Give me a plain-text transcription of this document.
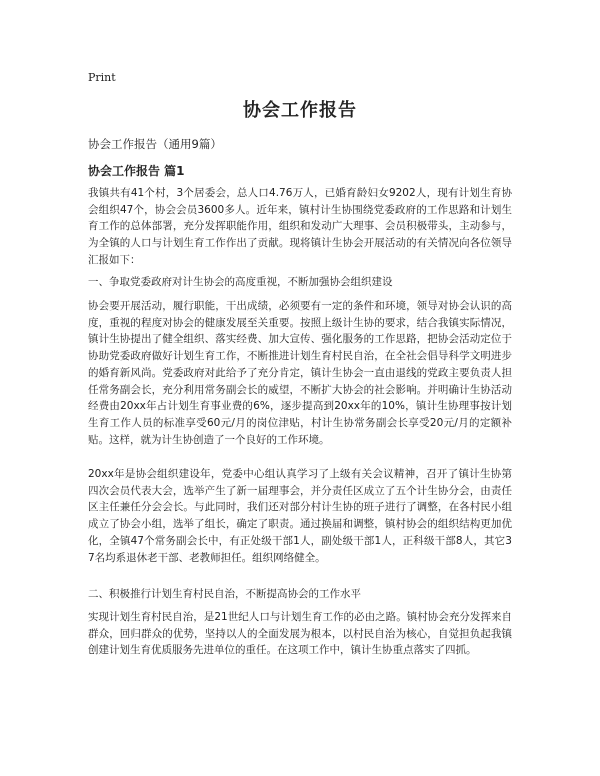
Print
协会工作报告

协会工作报告（通用9篇）

协会工作报告 篇1

我镇共有41个村，3个居委会，总人口4.76万人，已婚育龄妇女9202人，现有计划生育协会组织47个，协会会员3600多人。近年来，镇村计生协围绕党委政府的工作思路和计划生育工作的总体部署，充分发挥职能作用，组织和发动广大理事、会员积极带头，主动参与，为全镇的人口与计划生育工作作出了贡献。现将镇计生协会开展活动的有关情况向各位领导汇报如下：

一、争取党委政府对计生协会的高度重视，不断加强协会组织建设

协会要开展活动，履行职能，干出成绩，必须要有一定的条件和环境，领导对协会认识的高度，重视的程度对协会的健康发展至关重要。按照上级计生协的要求，结合我镇实际情况，镇计生协提出了健全组织、落实经费、加大宣传、强化服务的工作思路，把协会活动定位于协助党委政府做好计划生育工作，不断推进计划生育村民自治，在全社会倡导科学文明进步的婚育新风尚。党委政府对此给予了充分肯定，镇计生协会一直由退线的党政主要负责人担任常务副会长，充分利用常务副会长的威望，不断扩大协会的社会影响。并明确计生协活动经费由20xx年占计划生育事业费的6%，逐步提高到20xx年的10%，镇计生协理事按计划生育工作人员的标准享受60元/月的岗位津贴，村计生协常务副会长享受20元/月的定额补贴。这样，就为计生协创造了一个良好的工作环境。

20xx年是协会组织建设年，党委中心组认真学习了上级有关会议精神，召开了镇计生协第四次会员代表大会，选举产生了新一届理事会，并分责任区成立了五个计生协分会，由责任区主任兼任分会会长。与此同时，我们还对部分村计生协的班子进行了调整，在各村民小组成立了协会小组，选举了组长，确定了职责。通过换届和调整，镇村协会的组织结构更加优化，全镇47个常务副会长中，有正处级干部1人，副处级干部1人，正科级干部8人，其它37名均系退休老干部、老教师担任。组织网络健全。

二、积极推行计划生育村民自治，不断提高协会的工作水平

实现计划生育村民自治，是21世纪人口与计划生育工作的必由之路。镇村协会充分发挥来自群众，回归群众的优势，坚持以人的全面发展为根本，以村民自治为核心，自觉担负起我镇创建计划生育优质服务先进单位的重任。在这项工作中，镇计生协重点落实了四抓。
